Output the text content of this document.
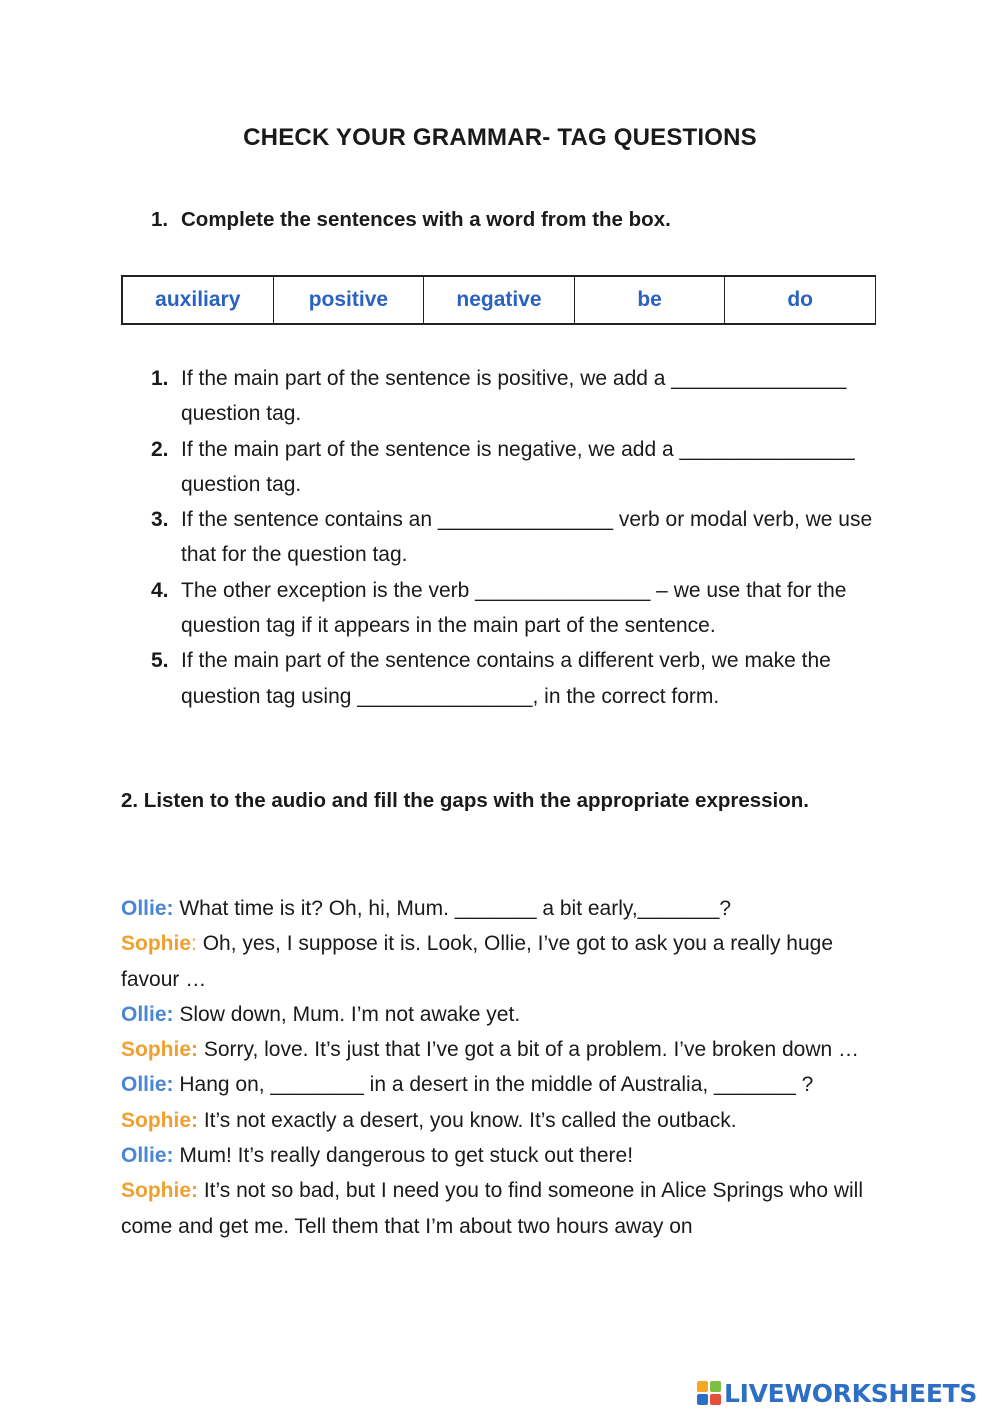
CHECK YOUR GRAMMAR- TAG QUESTIONS
1. Complete the sentences with a word from the box.
auxiliary	positive	negative	be	do
1. If the main part of the sentence is positive, we add a _______________ question tag.
2. If the main part of the sentence is negative, we add a _______________ question tag.
3. If the sentence contains an _______________ verb or modal verb, we use that for the question tag.
4. The other exception is the verb _______________ – we use that for the question tag if it appears in the main part of the sentence.
5. If the main part of the sentence contains a different verb, we make the question tag using _______________, in the correct form.
2. Listen to the audio and fill the gaps with the appropriate expression.

Ollie: What time is it? Oh, hi, Mum. _______ a bit early,_______?

Sophie: Oh, yes, I suppose it is. Look, Ollie, I’ve got to ask you a really huge favour …

Ollie: Slow down, Mum. I’m not awake yet.

Sophie: Sorry, love. It’s just that I’ve got a bit of a problem. I’ve broken down …

Ollie: Hang on, ________ in a desert in the middle of Australia, _______ ?

Sophie: It’s not exactly a desert, you know. It’s called the outback.

Ollie: Mum! It’s really dangerous to get stuck out there!

Sophie: It’s not so bad, but I need you to find someone in Alice Springs who will come and get me. Tell them that I’m about two hours away on

LIVEWORKSHEETS
